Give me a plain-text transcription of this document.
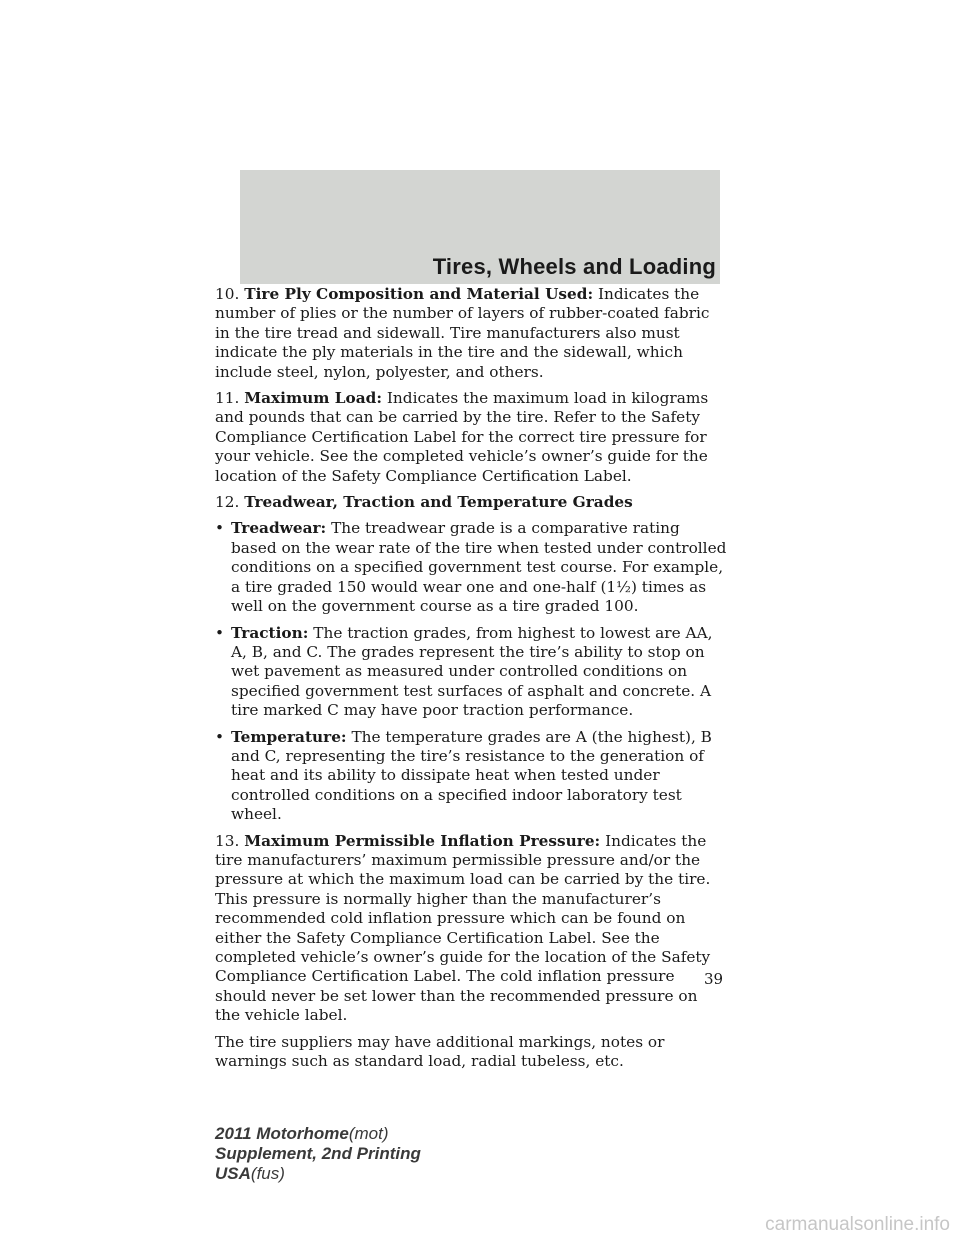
Tires, Wheels and Loading

10. Tire Ply Composition and Material Used: Indicates the number of plies or the number of layers of rubber-coated fabric in the tire tread and sidewall. Tire manufacturers also must indicate the ply materials in the tire and the sidewall, which include steel, nylon, polyester, and others.

11. Maximum Load: Indicates the maximum load in kilograms and pounds that can be carried by the tire. Refer to the Safety Compliance Certification Label for the correct tire pressure for your vehicle. See the completed vehicle’s owner’s guide for the location of the Safety Compliance Certification Label.

12. Treadwear, Traction and Temperature Grades

• Treadwear: The treadwear grade is a comparative rating based on the wear rate of the tire when tested under controlled conditions on a specified government test course. For example, a tire graded 150 would wear one and one-half (1½) times as well on the government course as a tire graded 100.

• Traction: The traction grades, from highest to lowest are AA, A, B, and C. The grades represent the tire’s ability to stop on wet pavement as measured under controlled conditions on specified government test surfaces of asphalt and concrete. A tire marked C may have poor traction performance.

• Temperature: The temperature grades are A (the highest), B and C, representing the tire’s resistance to the generation of heat and its ability to dissipate heat when tested under controlled conditions on a specified indoor laboratory test wheel.

13. Maximum Permissible Inflation Pressure: Indicates the tire manufacturers’ maximum permissible pressure and/or the pressure at which the maximum load can be carried by the tire. This pressure is normally higher than the manufacturer’s recommended cold inflation pressure which can be found on either the Safety Compliance Certification Label. See the completed vehicle’s owner’s guide for the location of the Safety Compliance Certification Label. The cold inflation pressure should never be set lower than the recommended pressure on the vehicle label.

The tire suppliers may have additional markings, notes or warnings such as standard load, radial tubeless, etc.

39
2011 Motorhome(mot)
Supplement, 2nd Printing
USA(fus)
carmanualsonline.info
